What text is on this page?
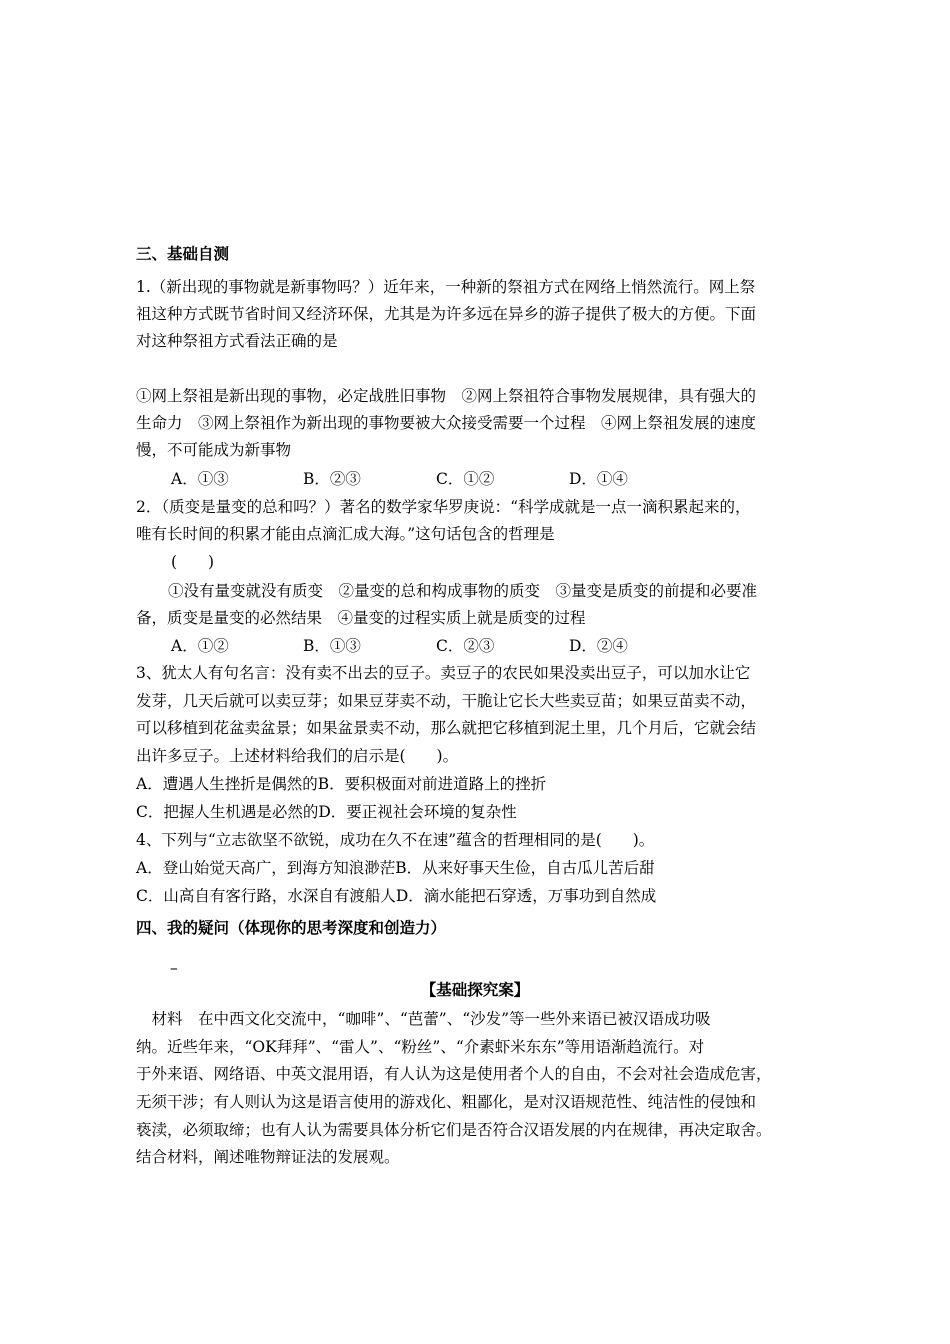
三、基础自测
1.（新出现的事物就是新事物吗？）近年来，一种新的祭祖方式在网络上悄然流行。网上祭
祖这种方式既节省时间又经济环保，尤其是为许多远在异乡的游子提供了极大的方便。下面
对这种祭祖方式看法正确的是
①网上祭祖是新出现的事物，必定战胜旧事物　②网上祭祖符合事物发展规律，具有强大的
生命力　③网上祭祖作为新出现的事物要被大众接受需要一个过程　④网上祭祖发展的速度
慢，不可能成为新事物
A．①③	B．②③	C．①②	D．①④
2．（质变是量变的总和吗？）著名的数学家华罗庚说：“科学成就是一点一滴积累起来的，
唯有长时间的积累才能由点滴汇成大海。”这句话包含的哲理是
(　　)
①没有量变就没有质变　②量变的总和构成事物的质变　③量变是质变的前提和必要准
备，质变是量变的必然结果　④量变的过程实质上就是质变的过程
A．①②	B．①③	C．②③	D．②④
3、犹太人有句名言：没有卖不出去的豆子。卖豆子的农民如果没卖出豆子，可以加水让它
发芽，几天后就可以卖豆芽；如果豆芽卖不动，干脆让它长大些卖豆苗；如果豆苗卖不动，
可以移植到花盆卖盆景；如果盆景卖不动，那么就把它移植到泥土里，几个月后，它就会结
出许多豆子。上述材料给我们的启示是(　　)。
A．遭遇人生挫折是偶然的B．要积极面对前进道路上的挫折
C．把握人生机遇是必然的D．要正视社会环境的复杂性
4、下列与“立志欲坚不欲锐，成功在久不在速”蕴含的哲理相同的是(　　)。
A．登山始觉天高广，到海方知浪渺茫B．从来好事天生俭，自古瓜儿苦后甜
C．山高自有客行路，水深自有渡船人D．滴水能把石穿透，万事功到自然成
四、我的疑问（体现你的思考深度和创造力）
–
【基础探究案】
　材料　在中西文化交流中，“咖啡”、“芭蕾”、“沙发”等一些外来语已被汉语成功吸
纳。近些年来，“OK拜拜”、“雷人”、“粉丝”、“介素虾米东东”等用语渐趋流行。对
于外来语、网络语、中英文混用语，有人认为这是使用者个人的自由，不会对社会造成危害，
无须干涉；有人则认为这是语言使用的游戏化、粗鄙化，是对汉语规范性、纯洁性的侵蚀和
亵渎，必须取缔；也有人认为需要具体分析它们是否符合汉语发展的内在规律，再决定取舍。
结合材料，阐述唯物辩证法的发展观。
